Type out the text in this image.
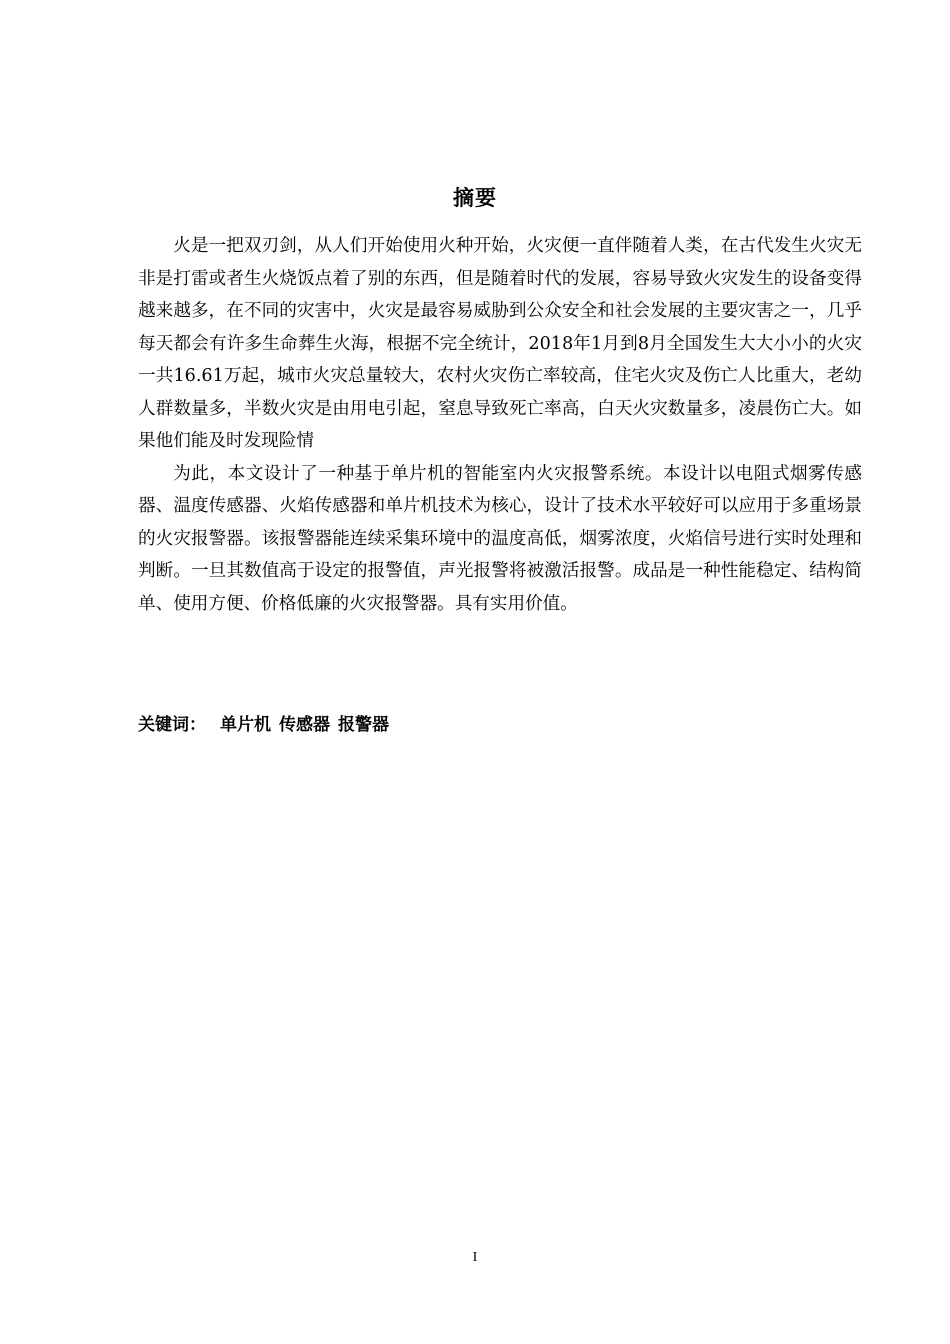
摘要

火是一把双刃剑，从人们开始使用火种开始，火灾便一直伴随着人类，在古代发生火灾无非是打雷或者生火烧饭点着了别的东西，但是随着时代的发展，容易导致火灾发生的设备变得越来越多，在不同的灾害中，火灾是最容易威胁到公众安全和社会发展的主要灾害之一，几乎每天都会有许多生命葬生火海，根据不完全统计，2018年1月到8月全国发生大大小小的火灾一共16.61万起，城市火灾总量较大，农村火灾伤亡率较高，住宅火灾及伤亡人比重大，老幼人群数量多，半数火灾是由用电引起，窒息导致死亡率高，白天火灾数量多，凌晨伤亡大。如果他们能及时发现险情

为此，本文设计了一种基于单片机的智能室内火灾报警系统。本设计以电阻式烟雾传感器、温度传感器、火焰传感器和单片机技术为核心，设计了技术水平较好可以应用于多重场景的火灾报警器。该报警器能连续采集环境中的温度高低，烟雾浓度，火焰信号进行实时处理和判断。一旦其数值高于设定的报警值，声光报警将被激活报警。成品是一种性能稳定、结构简单、使用方便、价格低廉的火灾报警器。具有实用价值。

关键词： 单片机 传感器 报警器
I
